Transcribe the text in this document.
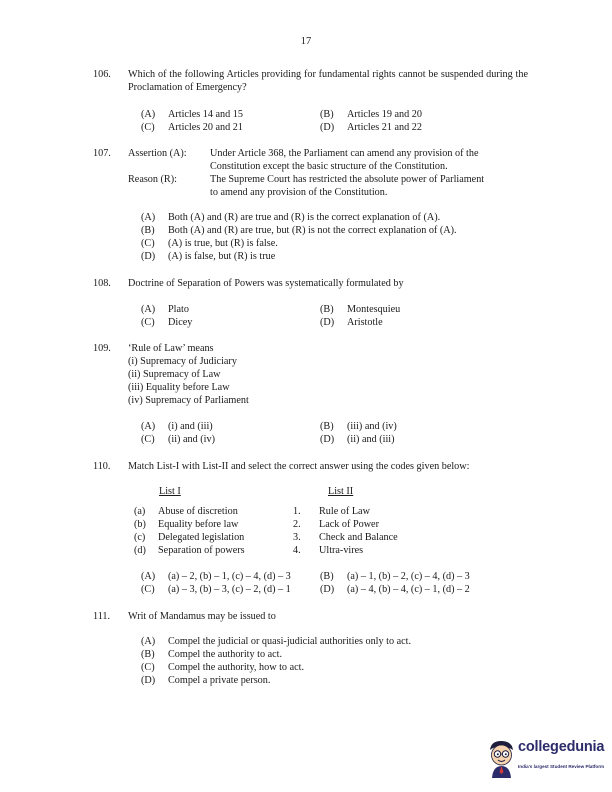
17
106. Which of the following Articles providing for fundamental rights cannot be suspended during the Proclamation of Emergency?
(A) Articles 14 and 15	(B) Articles 19 and 20
(C) Articles 20 and 21	(D) Articles 21 and 22
107. Assertion (A): Under Article 368, the Parliament can amend any provision of the
Constitution except the basic structure of the Constitution.
Reason (R):	The Supreme Court has restricted the absolute power of Parliament
to amend any provision of the Constitution.
(A) Both (A) and (R) are true and (R) is the correct explanation of (A).
(B) Both (A) and (R) are true, but (R) is not the correct explanation of (A).
(C) (A) is true, but (R) is false.
(D) (A) is false, but (R) is true
108. Doctrine of Separation of Powers was systematically formulated by
(A) Plato	(B) Montesquieu
(C) Dicey	(D) Aristotle
109. ‘Rule of Law’ means
(i) Supremacy of Judiciary
(ii) Supremacy of Law
(iii) Equality before Law
(iv) Supremacy of Parliament
(A) (i) and (iii)	(B) (iii) and (iv)
(C) (ii) and (iv)	(D) (ii) and (iii)
110. Match List-I with List-II and select the correct answer using the codes given below:
List I	List II
(a) Abuse of discretion	1. Rule of Law
(b) Equality before law	2. Lack of Power
(c) Delegated legislation	3. Check and Balance
(d) Separation of powers	4. Ultra-vires
(A) (a) – 2, (b) – 1, (c) – 4, (d) – 3	(B) (a) – 1, (b) – 2, (c) – 4, (d) – 3
(C) (a) – 3, (b) – 3, (c) – 2, (d) – 1	(D) (a) – 4, (b) – 4, (c) – 1, (d) – 2
111. Writ of Mandamus may be issued to
(A) Compel the judicial or quasi-judicial authorities only to act.
(B) Compel the authority to act.
(C) Compel the authority, how to act.
(D) Compel a private person.
collegedunia
India's largest Student Review Platform
